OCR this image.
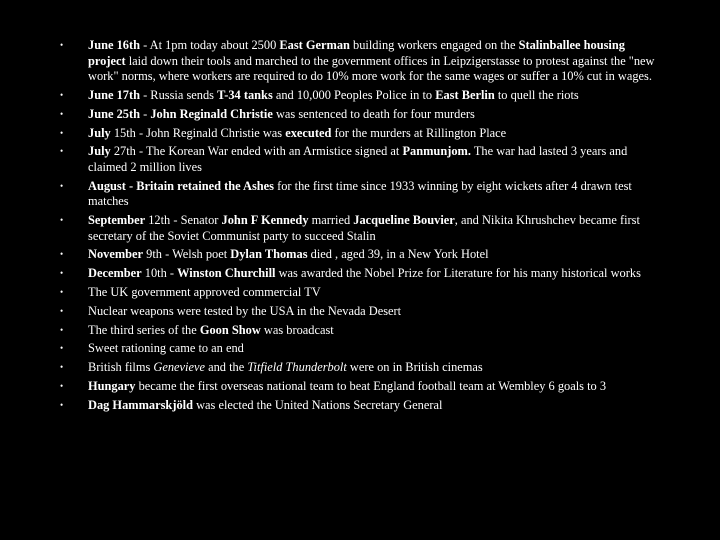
•	June 16th - At 1pm today about 2500 East German building workers engaged on the Stalinballee housing project laid down their tools and marched to the government offices in Leipzigerstasse to protest against the "new work" norms, where workers are required to do 10% more work for the same wages or suffer a 10% cut in wages.
•	June 17th - Russia sends T-34 tanks and 10,000 Peoples Police in to East Berlin to quell the riots
•	June 25th - John Reginald Christie was sentenced to death for four murders
•	July 15th - John Reginald Christie was executed for the murders at Rillington Place
•	July 27th - The Korean War ended with an Armistice signed at Panmunjom. The war had lasted 3 years and claimed 2 million lives
•	August - Britain retained the Ashes for the first time since 1933 winning by eight wickets after 4 drawn test matches
•	September 12th - Senator John F Kennedy married Jacqueline Bouvier, and Nikita Khrushchev became first secretary of the Soviet Communist party to succeed Stalin
•	November 9th - Welsh poet Dylan Thomas died , aged 39, in a New York Hotel
•	December 10th - Winston Churchill was awarded the Nobel Prize for Literature for his many historical works
•	The UK government approved commercial TV
•	Nuclear weapons were tested by the USA in the Nevada Desert
•	The third series of the Goon Show was broadcast
•	Sweet rationing came to an end
•	British films Genevieve and the Titfield Thunderbolt were on in British cinemas
•	Hungary became the first overseas national team to beat England football team at Wembley 6 goals to 3
•	Dag Hammarskjöld was elected the United Nations Secretary General
